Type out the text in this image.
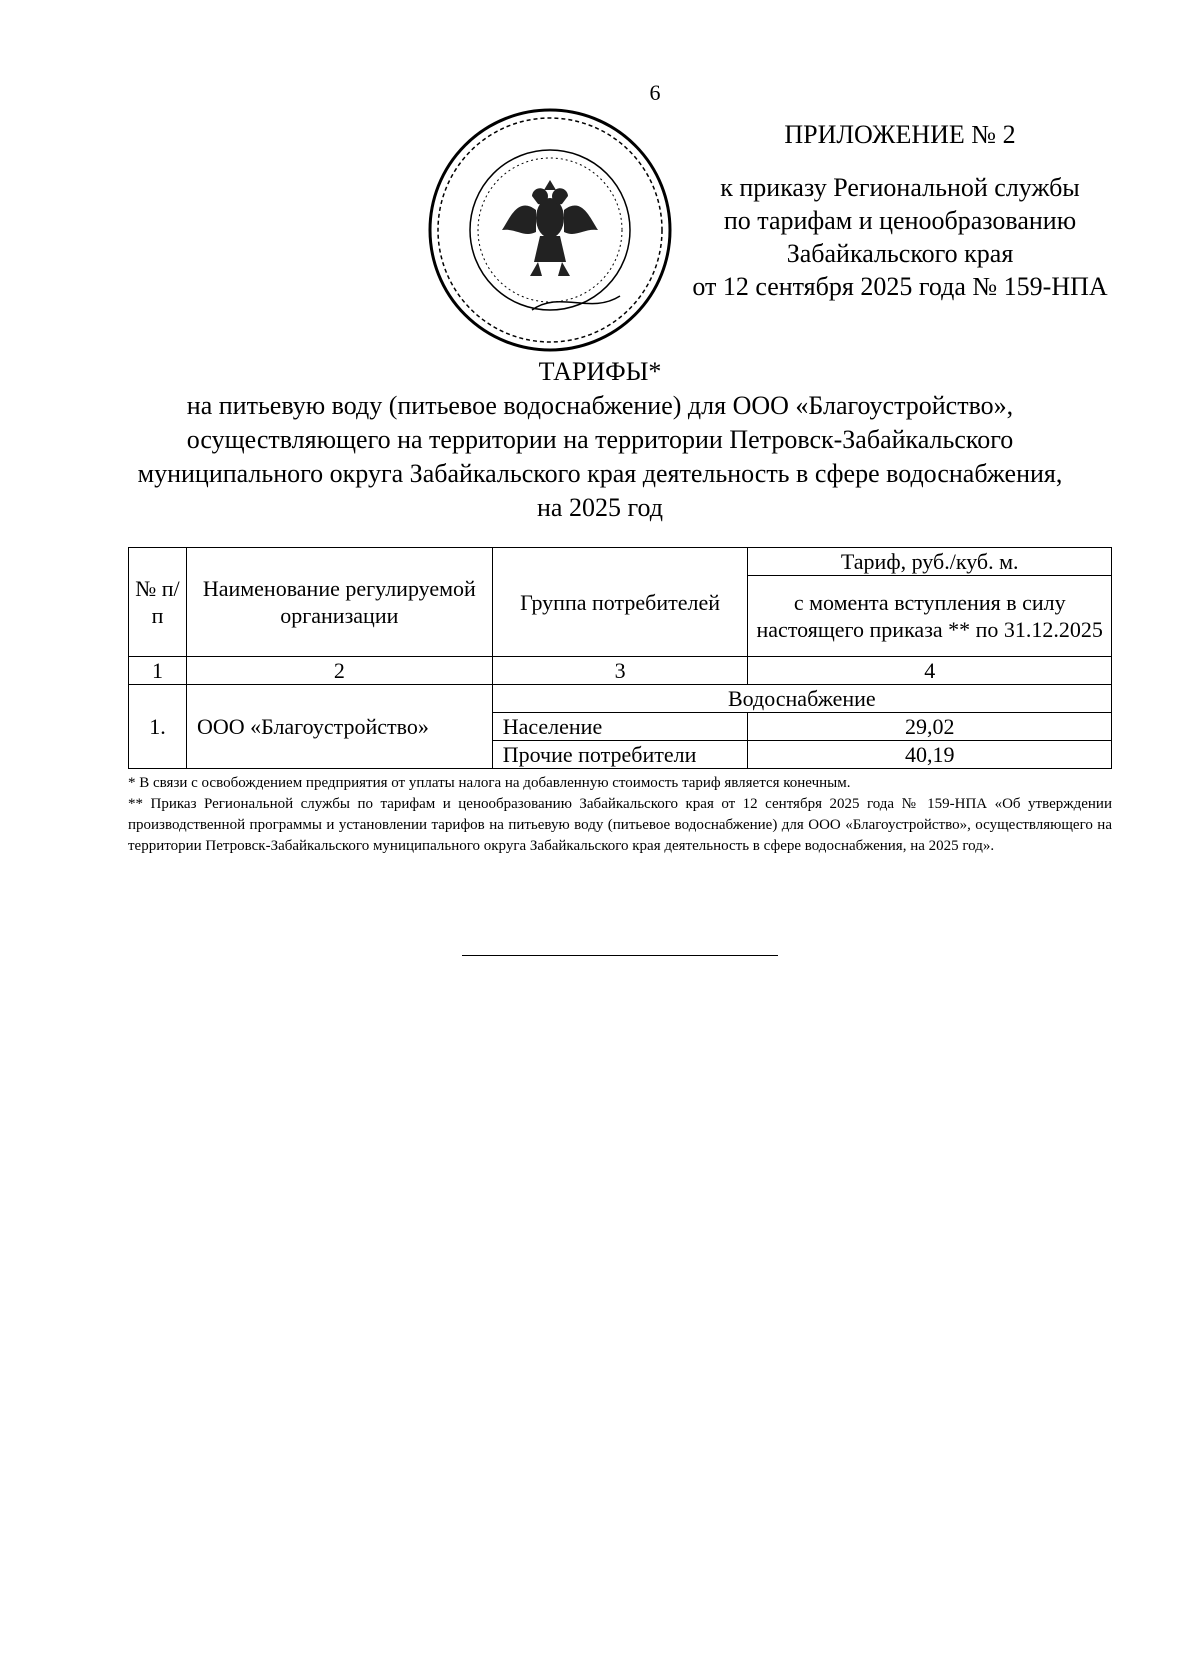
6
ПРИЛОЖЕНИЕ № 2
к приказу Региональной службы
по тарифам и ценообразованию
Забайкальского края
от 12 сентября 2025 года № 159-НПА
ТАРИФЫ*
на питьевую воду (питьевое водоснабжение) для ООО «Благоустройство»,
осуществляющего на территории на территории Петровск-Забайкальского
муниципального округа Забайкальского края деятельность в сфере водоснабжения,
на 2025 год
№ п/п	Наименование регулируемой организации	Группа потребителей	Тариф, руб./куб. м.
			с момента вступления в силу настоящего приказа ** по 31.12.2025
1	2	3	4
1.	ООО «Благоустройство»	Водоснабжение	
		Население	29,02
		Прочие потребители	40,19

* В связи с освобождением предприятия от уплаты налога на добавленную стоимость тариф является конечным.

** Приказ Региональной службы по тарифам и ценообразованию Забайкальского края от 12 сентября 2025 года № 159-НПА «Об утверждении производственной программы и установлении тарифов на питьевую воду (питьевое водоснабжение) для ООО «Благоустройство», осуществляющего на территории Петровск-Забайкальского муниципального округа Забайкальского края деятельность в сфере водоснабжения, на 2025 год».
